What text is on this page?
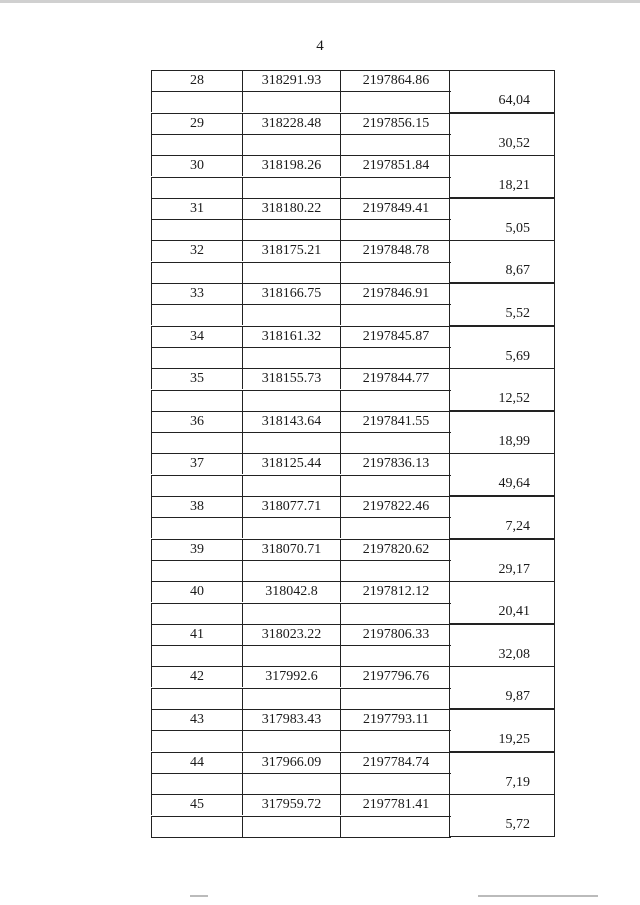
4
28	318291.93	2197864.86
64,04
29	318228.48	2197856.15
30,52
30	318198.26	2197851.84
18,21
31	318180.22	2197849.41
5,05
32	318175.21	2197848.78
8,67
33	318166.75	2197846.91
5,52
34	318161.32	2197845.87
5,69
35	318155.73	2197844.77
12,52
36	318143.64	2197841.55
18,99
37	318125.44	2197836.13
49,64
38	318077.71	2197822.46
7,24
39	318070.71	2197820.62
29,17
40	318042.8	2197812.12
20,41
41	318023.22	2197806.33
32,08
42	317992.6	2197796.76
9,87
43	317983.43	2197793.11
19,25
44	317966.09	2197784.74
7,19
45	317959.72	2197781.41
5,72
